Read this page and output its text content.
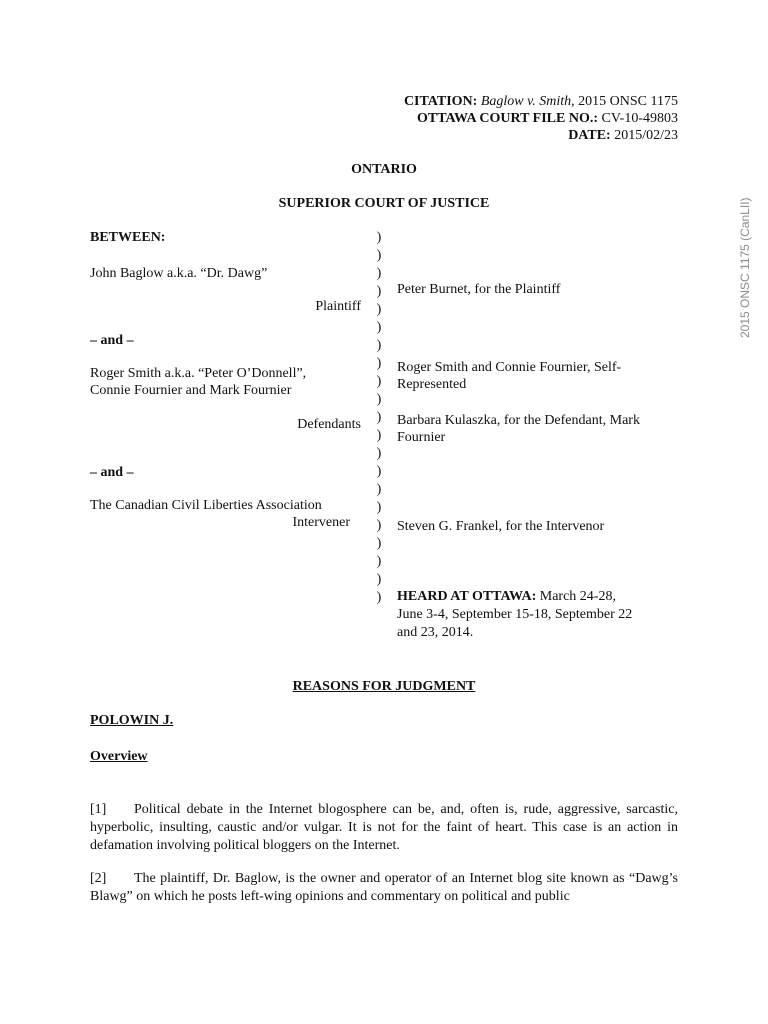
CITATION: Baglow v. Smith, 2015 ONSC 1175
OTTAWA COURT FILE NO.: CV-10-49803
DATE: 2015/02/23
ONTARIO
SUPERIOR COURT OF JUSTICE
BETWEEN:
John Baglow a.k.a. “Dr. Dawg”
Plaintiff
– and –
Roger Smith a.k.a. “Peter O’Donnell”,
Connie Fournier and Mark Fournier
Defendants
– and –
The Canadian Civil Liberties Association
Intervener
)
)
)
)
)
)
)
)
)
)
)
)
)
)
)
)
)
)
)
)
)
Peter Burnet, for the Plaintiff
Roger Smith and Connie Fournier, Self-
Represented
Barbara Kulaszka, for the Defendant, Mark
Fournier
Steven G. Frankel, for the Intervenor
HEARD AT OTTAWA: March 24-28,
June 3-4, September 15-18, September 22
and 23, 2014.
REASONS FOR JUDGMENT
POLOWIN J.
Overview
[1] Political debate in the Internet blogosphere can be, and, often is, rude, aggressive, sarcastic, hyperbolic, insulting, caustic and/or vulgar. It is not for the faint of heart. This case is an action in defamation involving political bloggers on the Internet.
[2] The plaintiff, Dr. Baglow, is the owner and operator of an Internet blog site known as “Dawg’s Blawg” on which he posts left-wing opinions and commentary on political and public
2015 ONSC 1175 (CanLII)
